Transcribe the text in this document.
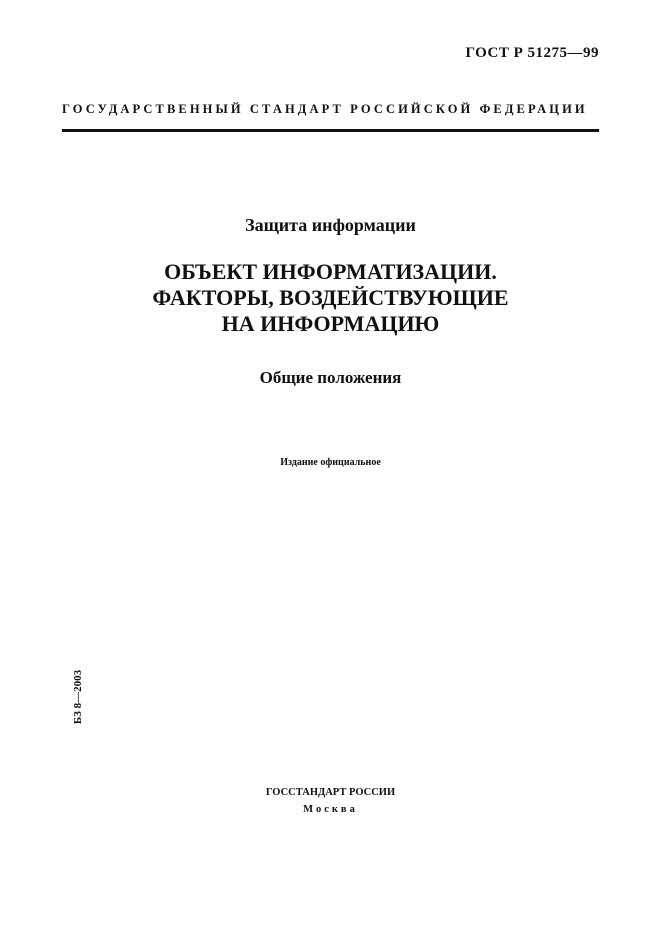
ГОСТ Р 51275—99
ГОСУДАРСТВЕННЫЙ СТАНДАРТ РОССИЙСКОЙ ФЕДЕРАЦИИ
Защита информации
ОБЪЕКТ ИНФОРМАТИЗАЦИИ.
ФАКТОРЫ, ВОЗДЕЙСТВУЮЩИЕ
НА ИНФОРМАЦИЮ
Общие положения
Издание официальное
БЗ 8—2003
ГОССТАНДАРТ РОССИИ
Москва
